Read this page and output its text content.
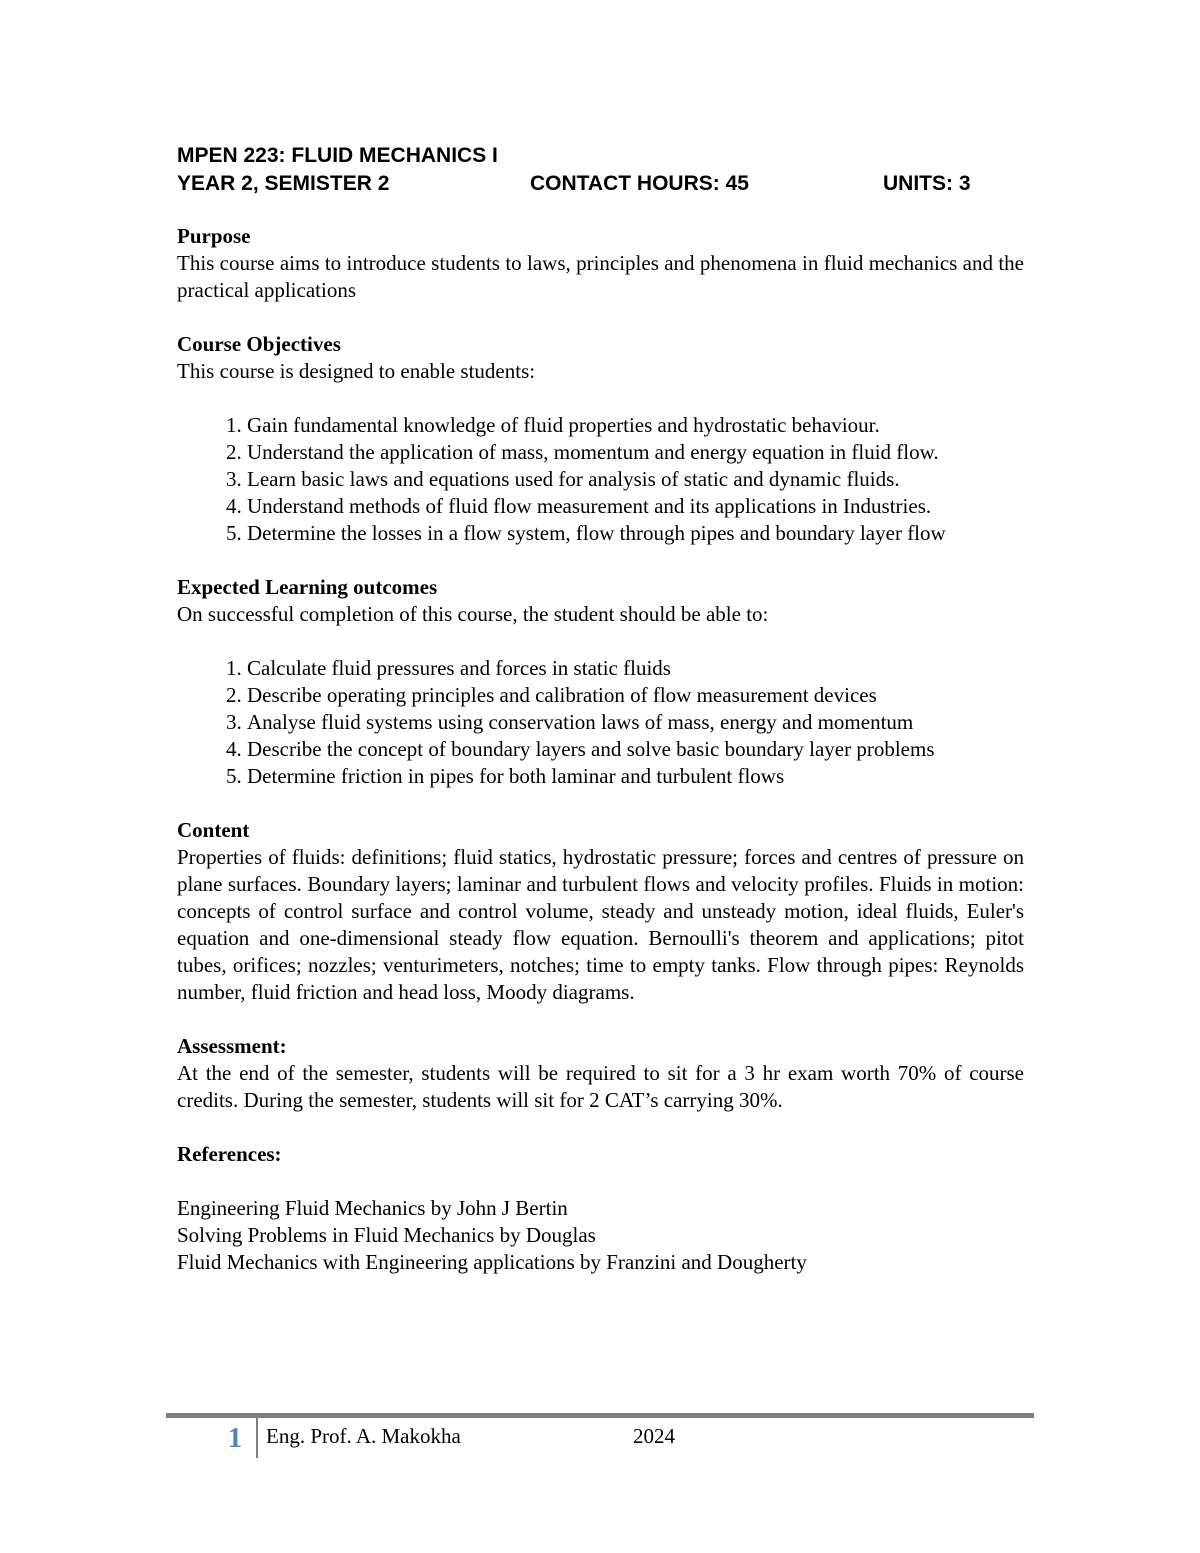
MPEN 223: FLUID MECHANICS I
YEAR 2, SEMISTER 2	CONTACT HOURS: 45	UNITS: 3
Purpose

This course aims to introduce students to laws, principles and phenomena in fluid mechanics and the practical applications

Course Objectives

This course is designed to enable students:

1. Gain fundamental knowledge of fluid properties and hydrostatic behaviour.
2. Understand the application of mass, momentum and energy equation in fluid flow.
3. Learn basic laws and equations used for analysis of static and dynamic fluids.
4. Understand methods of fluid flow measurement and its applications in Industries.
5. Determine the losses in a flow system, flow through pipes and boundary layer flow
Expected Learning outcomes

On successful completion of this course, the student should be able to:

1. Calculate fluid pressures and forces in static fluids
2. Describe operating principles and calibration of flow measurement devices
3. Analyse fluid systems using conservation laws of mass, energy and momentum
4. Describe the concept of boundary layers and solve basic boundary layer problems
5. Determine friction in pipes for both laminar and turbulent flows
Content

Properties of fluids: definitions; fluid statics, hydrostatic pressure; forces and centres of pressure on plane surfaces. Boundary layers; laminar and turbulent flows and velocity profiles. Fluids in motion: concepts of control surface and control volume, steady and unsteady motion, ideal fluids, Euler's equation and one-dimensional steady flow equation. Bernoulli's theorem and applications; pitot tubes, orifices; nozzles; venturimeters, notches; time to empty tanks. Flow through pipes: Reynolds number, fluid friction and head loss, Moody diagrams.

Assessment:

At the end of the semester, students will be required to sit for a 3 hr exam worth 70% of course credits. During the semester, students will sit for 2 CAT’s carrying 30%.

References:

Engineering Fluid Mechanics by John J Bertin

Solving Problems in Fluid Mechanics by Douglas

Fluid Mechanics with Engineering applications by Franzini and Dougherty

1 Eng. Prof. A. Makokha	2024
